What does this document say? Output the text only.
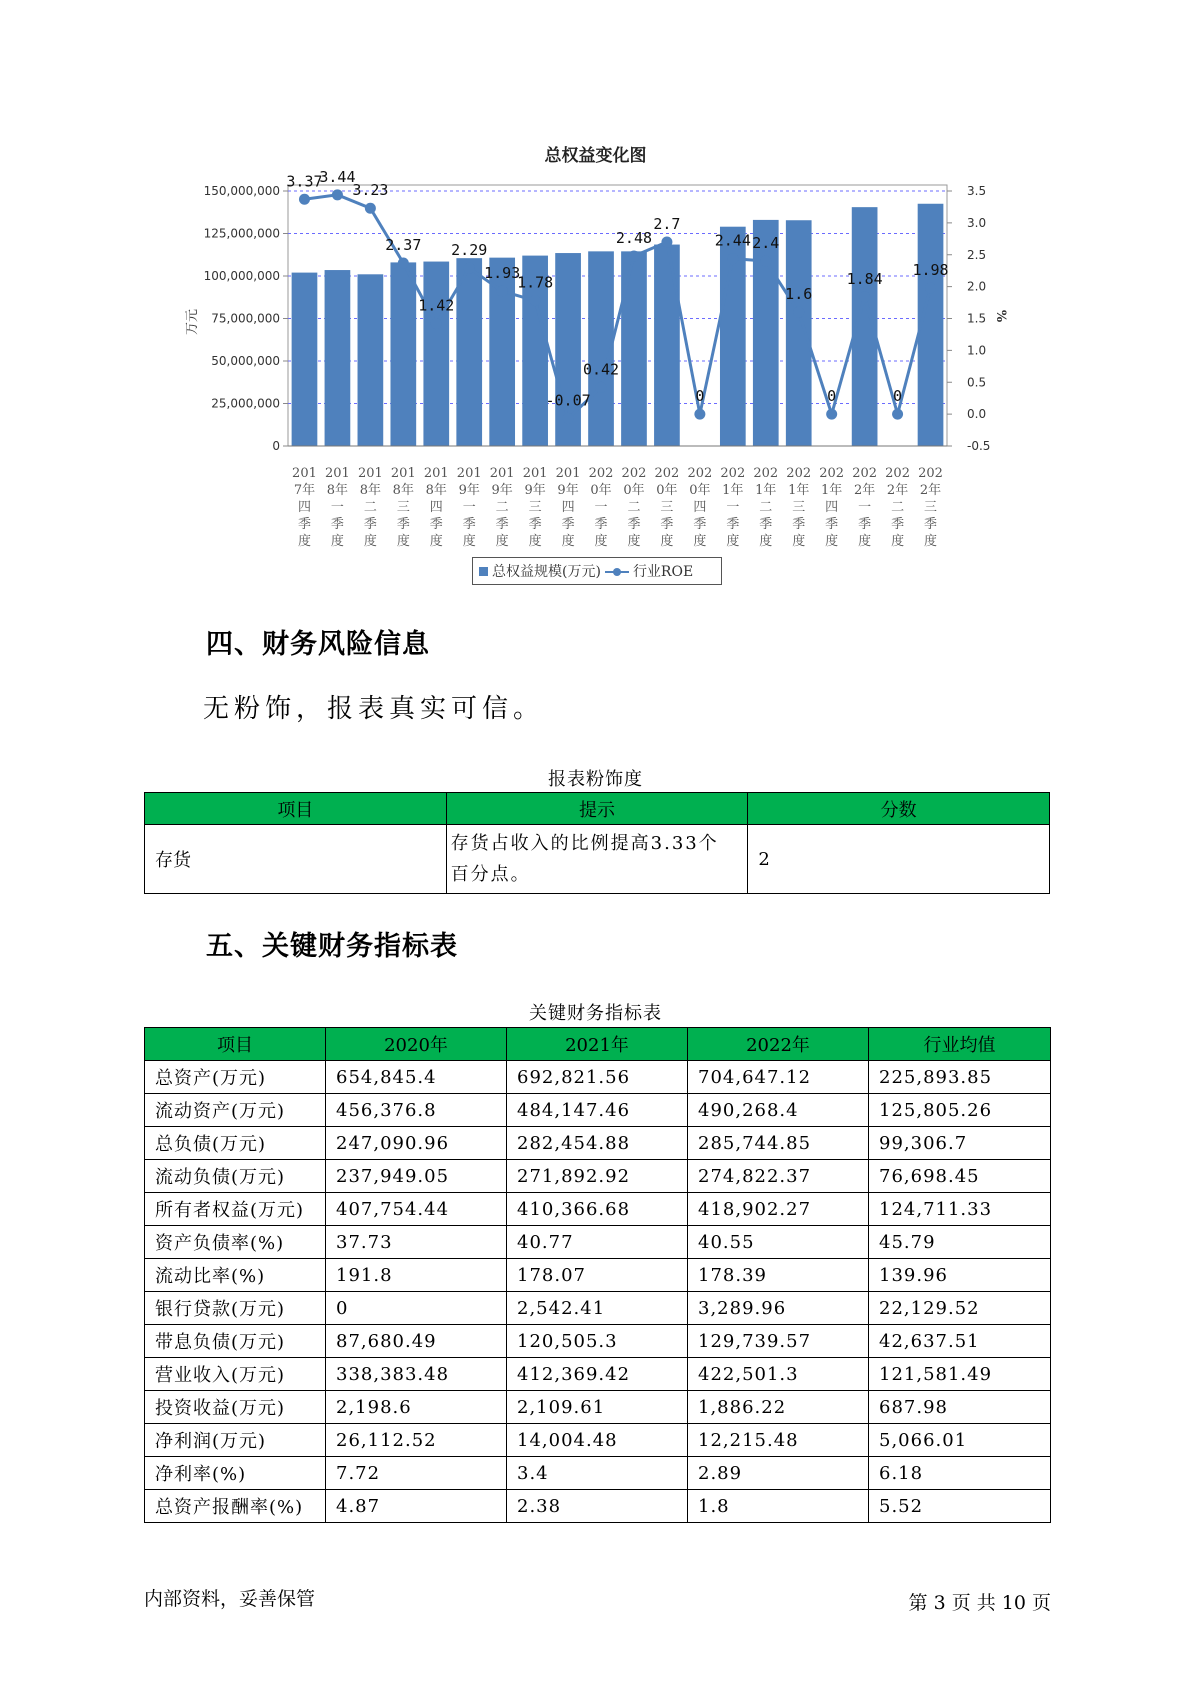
总权益变化图
0
25,000,000
50,000,000
75,000,000
100,000,000
125,000,000
150,000,000
-0.5
0.0
0.5
1.0
1.5
2.0
2.5
3.0
3.5
万元	%
3.37
3.44
3.23
2.37
1.42
2.29
1.93
1.78
-0.07
0.42
2.48
2.7
0
2.44 2.4
1.6
0
1.84
0
1.98
201
7年
四
季
度
201
8年
一
季
度
201
8年
二
季
度
201
8年
三
季
度
201
8年
四
季
度
201
9年
一
季
度
201
9年
二
季
度
201
9年
三
季
度
201
9年
四
季
度
202
0年
一
季
度
202
0年
二
季
度
202
0年
三
季
度
202
0年
四
季
度
202
1年
一
季
度
202
1年
二
季
度
202
1年
三
季
度
202
1年
四
季
度
202
2年
一
季
度
202
2年
二
季
度
202
2年
三
季
度
总权益规模(万元) 行业ROE
四、财务风险信息
无粉饰，报表真实可信。
报表粉饰度
项目	提示	分数
存货	存货占收入的比例提高3.33个百分点。	2
五、关键财务指标表
关键财务指标表
项目	2020年	2021年	2022年	行业均值
总资产(万元)	654,845.4	692,821.56	704,647.12	225,893.85
流动资产(万元)	456,376.8	484,147.46	490,268.4	125,805.26
总负债(万元)	247,090.96	282,454.88	285,744.85	99,306.7
流动负债(万元)	237,949.05	271,892.92	274,822.37	76,698.45
所有者权益(万元)	407,754.44	410,366.68	418,902.27	124,711.33
资产负债率(%)	37.73	40.77	40.55	45.79
流动比率(%)	191.8	178.07	178.39	139.96
银行贷款(万元)	0	2,542.41	3,289.96	22,129.52
带息负债(万元)	87,680.49	120,505.3	129,739.57	42,637.51
营业收入(万元)	338,383.48	412,369.42	422,501.3	121,581.49
投资收益(万元)	2,198.6	2,109.61	1,886.22	687.98
净利润(万元)	26,112.52	14,004.48	12,215.48	5,066.01
净利率(%)	7.72	3.4	2.89	6.18
总资产报酬率(%)	4.87	2.38	1.8	5.52
内部资料，妥善保管	第 3 页 共 10 页
